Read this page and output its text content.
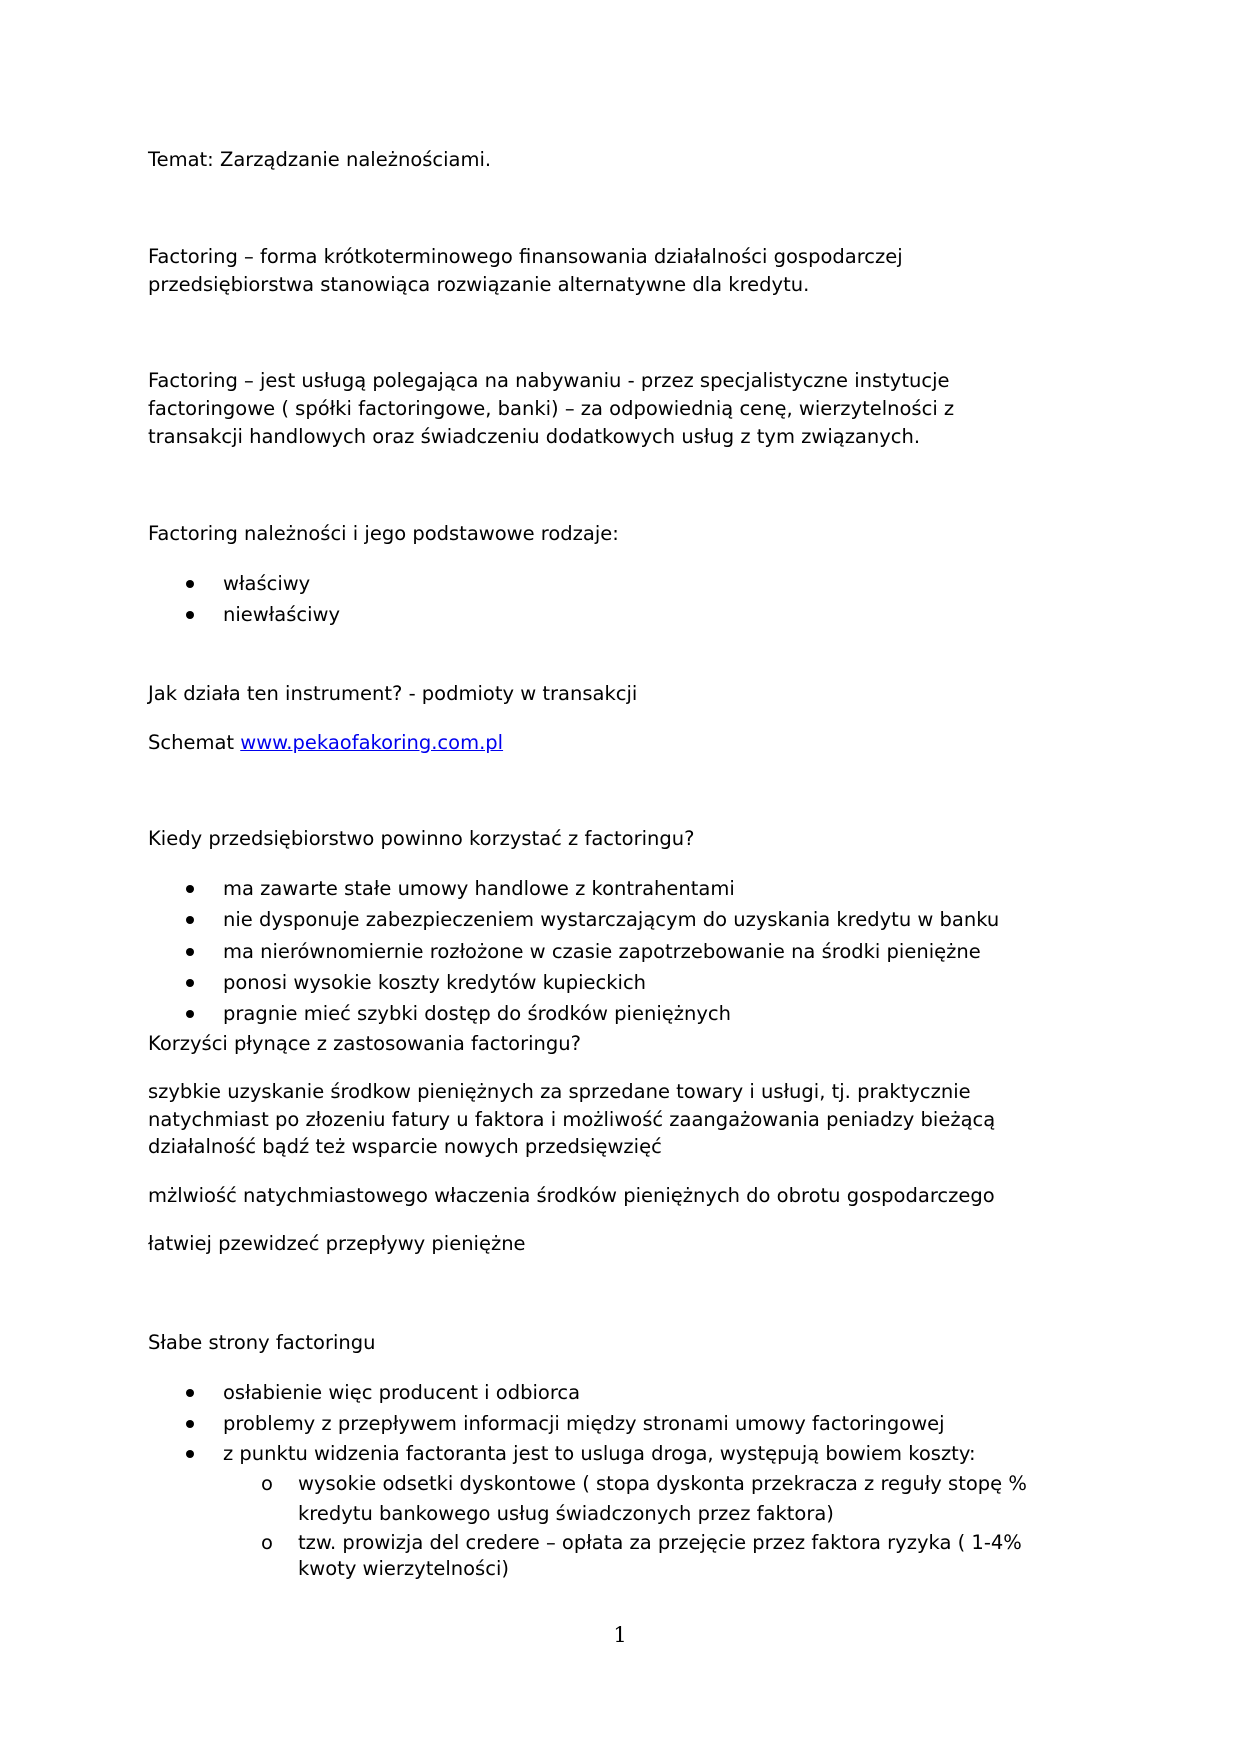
Temat: Zarządzanie należnościami.
Factoring – forma krótkoterminowego finansowania działalności gospodarczej
przedsiębiorstwa stanowiąca rozwiązanie alternatywne dla kredytu.
Factoring – jest usługą polegająca na nabywaniu - przez specjalistyczne instytucje
factoringowe ( spółki factoringowe, banki) – za odpowiednią cenę, wierzytelności z
transakcji handlowych oraz świadczeniu dodatkowych usług z tym związanych.
Factoring należności i jego podstawowe rodzaje:
właściwy
niewłaściwy
Jak działa ten instrument? - podmioty w transakcji
Schemat www.pekaofakoring.com.pl
Kiedy przedsiębiorstwo powinno korzystać z factoringu?
ma zawarte stałe umowy handlowe z kontrahentami
nie dysponuje zabezpieczeniem wystarczającym do uzyskania kredytu w banku
ma nierównomiernie rozłożone w czasie zapotrzebowanie na środki pieniężne
ponosi wysokie koszty kredytów kupieckich
pragnie mieć szybki dostęp do środków pieniężnych
Korzyści płynące z zastosowania factoringu?
szybkie uzyskanie środkow pieniężnych za sprzedane towary i usługi, tj. praktycznie
natychmiast po złozeniu fatury u faktora i możliwość zaangażowania peniadzy bieżącą
działalność bądź też wsparcie nowych przedsięwzięć
mżlwiość natychmiastowego właczenia środków pieniężnych do obrotu gospodarczego
łatwiej pzewidzeć przepływy pieniężne
Słabe strony factoringu
osłabienie więc producent i odbiorca
problemy z przepływem informacji między stronami umowy factoringowej
z punktu widzenia factoranta jest to usluga droga, występują bowiem koszty:
o wysokie odsetki dyskontowe ( stopa dyskonta przekracza z reguły stopę %
kredytu bankowego usług świadczonych przez faktora)
o tzw. prowizja del credere – opłata za przejęcie przez faktora ryzyka ( 1-4%
kwoty wierzytelności)
1
